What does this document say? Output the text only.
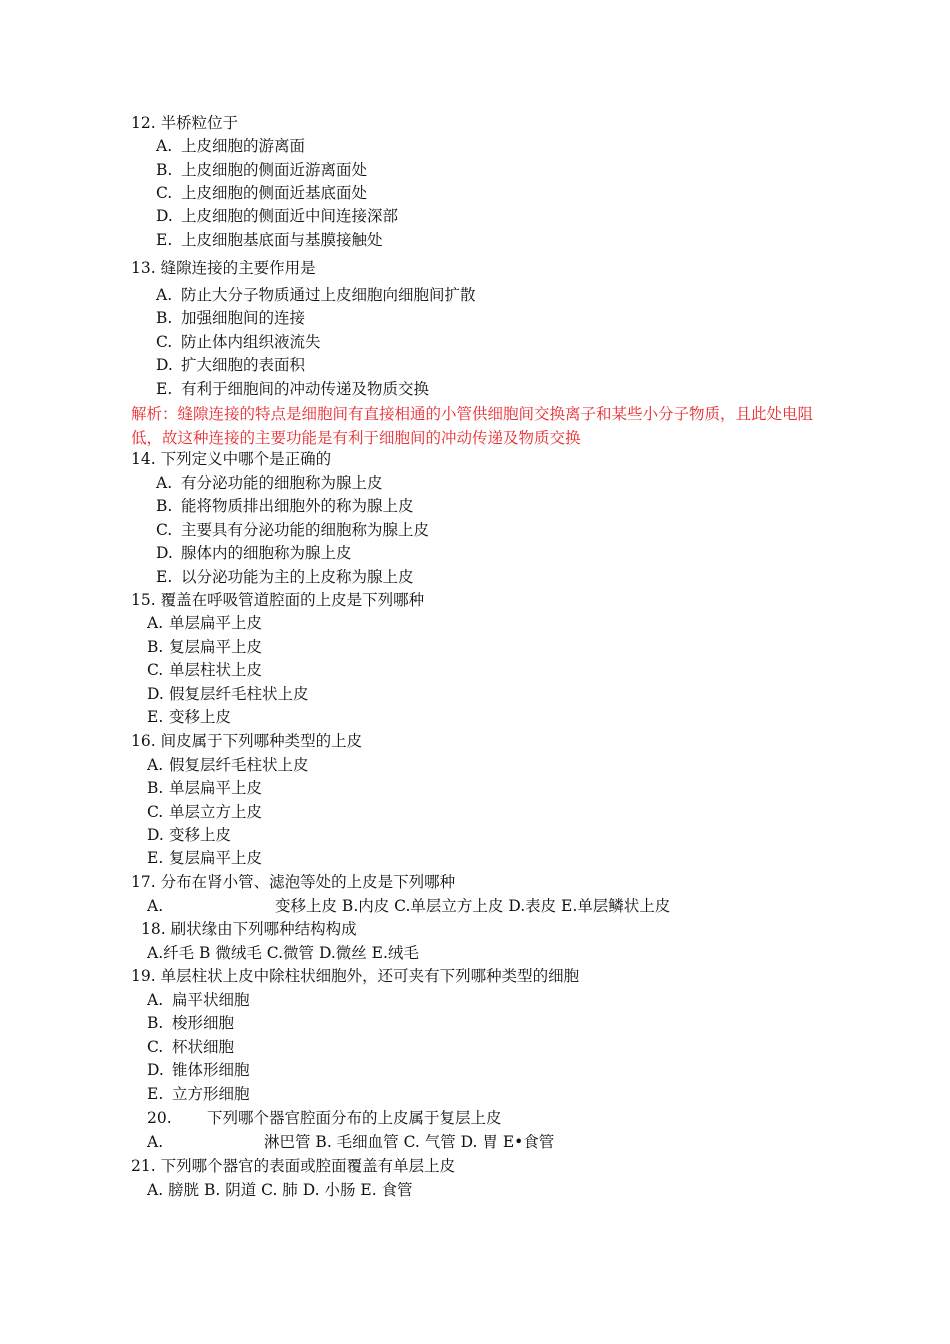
12. 半桥粒位于
A. 上皮细胞的游离面
B. 上皮细胞的侧面近游离面处
C. 上皮细胞的侧面近基底面处
D. 上皮细胞的侧面近中间连接深部
E. 上皮细胞基底面与基膜接触处
13. 缝隙连接的主要作用是
A. 防止大分子物质通过上皮细胞向细胞间扩散
B. 加强细胞间的连接
C. 防止体内组织液流失
D. 扩大细胞的表面积
E. 有利于细胞间的冲动传递及物质交换
解析：缝隙连接的特点是细胞间有直接相通的小管供细胞间交换离子和某些小分子物质，且此处电阻低，故这种连接的主要功能是有利于细胞间的冲动传递及物质交换
14. 下列定义中哪个是正确的
A. 有分泌功能的细胞称为腺上皮
B. 能将物质排出细胞外的称为腺上皮
C. 主要具有分泌功能的细胞称为腺上皮
D. 腺体内的细胞称为腺上皮
E. 以分泌功能为主的上皮称为腺上皮
15. 覆盖在呼吸管道腔面的上皮是下列哪种
A. 单层扁平上皮
B. 复层扁平上皮
C. 单层柱状上皮
D. 假复层纤毛柱状上皮
E. 变移上皮
16. 间皮属于下列哪种类型的上皮
A. 假复层纤毛柱状上皮
B. 单层扁平上皮
C. 单层立方上皮
D. 变移上皮
E. 复层扁平上皮
17. 分布在肾小管、滤泡等处的上皮是下列哪种
A.	变移上皮 B.内皮 C.单层立方上皮 D.表皮 E.单层鳞状上皮
18. 刷状缘由下列哪种结构构成
A.纤毛 B 微绒毛 C.微管 D.微丝 E.绒毛
19. 单层柱状上皮中除柱状细胞外，还可夹有下列哪种类型的细胞
A. 扁平状细胞
B. 梭形细胞
C. 杯状细胞
D. 锥体形细胞
E. 立方形细胞
20. 下列哪个器官腔面分布的上皮属于复层上皮
A.	淋巴管 B. 毛细血管 C. 气管 D. 胃 E•食管
21. 下列哪个器官的表面或腔面覆盖有单层上皮
A. 膀胱 B. 阴道 C. 肺 D. 小肠 E. 食管
